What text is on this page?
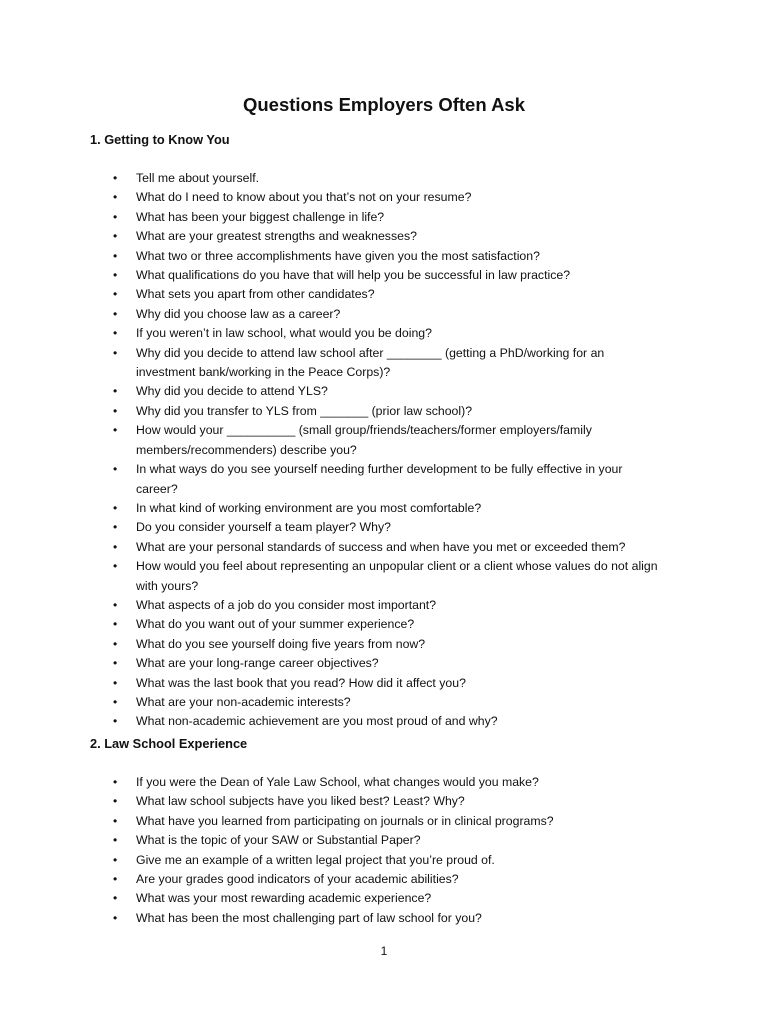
Questions Employers Often Ask
1. Getting to Know You
• Tell me about yourself.
• What do I need to know about you that’s not on your resume?
• What has been your biggest challenge in life?
• What are your greatest strengths and weaknesses?
• What two or three accomplishments have given you the most satisfaction?
• What qualifications do you have that will help you be successful in law practice?
• What sets you apart from other candidates?
• Why did you choose law as a career?
• If you weren’t in law school, what would you be doing?
• Why did you decide to attend law school after ________ (getting a PhD/working for an investment bank/working in the Peace Corps)?
• Why did you decide to attend YLS?
• Why did you transfer to YLS from _______ (prior law school)?
• How would your __________ (small group/friends/teachers/former employers/family members/recommenders) describe you?
• In what ways do you see yourself needing further development to be fully effective in your career?
• In what kind of working environment are you most comfortable?
• Do you consider yourself a team player? Why?
• What are your personal standards of success and when have you met or exceeded them?
• How would you feel about representing an unpopular client or a client whose values do not align with yours?
• What aspects of a job do you consider most important?
• What do you want out of your summer experience?
• What do you see yourself doing five years from now?
• What are your long-range career objectives?
• What was the last book that you read? How did it affect you?
• What are your non-academic interests?
• What non-academic achievement are you most proud of and why?
2. Law School Experience
• If you were the Dean of Yale Law School, what changes would you make?
• What law school subjects have you liked best? Least? Why?
• What have you learned from participating on journals or in clinical programs?
• What is the topic of your SAW or Substantial Paper?
• Give me an example of a written legal project that you’re proud of.
• Are your grades good indicators of your academic abilities?
• What was your most rewarding academic experience?
• What has been the most challenging part of law school for you?
1
